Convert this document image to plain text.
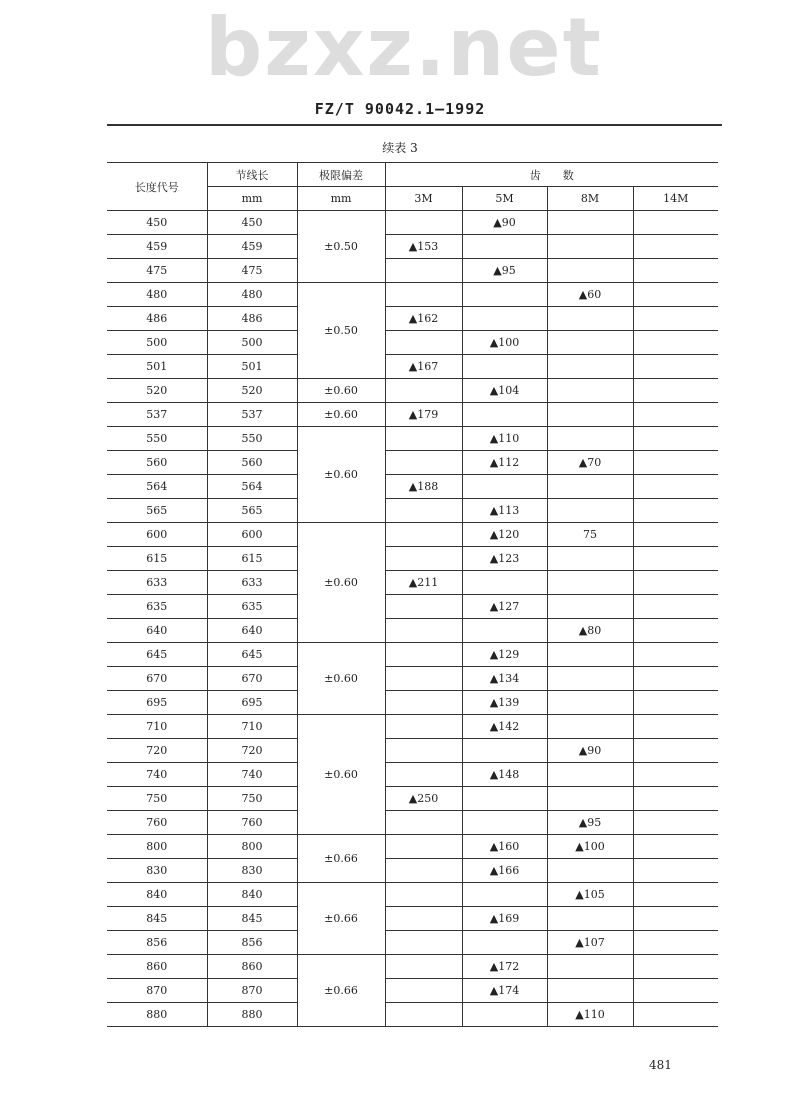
bzxz.net
FZ/T 90042.1—1992
续表 3
长度代号	节线长	极限偏差	齿　　数			
	mm	mm	3M	5M	8M	14M
450	450	±0.50		▲90		
459	459		▲153			
475	475			▲95		
480	480	±0.50			▲60	
486	486		▲162			
500	500			▲100		
501	501		▲167			
520	520	±0.60		▲104		
537	537	±0.60	▲179			
550	550	±0.60		▲110		
560	560			▲112	▲70	
564	564		▲188			
565	565			▲113		
600	600	±0.60		▲120	75	
615	615			▲123		
633	633		▲211			
635	635			▲127		
640	640				▲80	
645	645	±0.60		▲129		
670	670			▲134		
695	695			▲139		
710	710	±0.60		▲142		
720	720				▲90	
740	740			▲148		
750	750		▲250			
760	760				▲95	
800	800	±0.66		▲160	▲100	
830	830			▲166		
840	840	±0.66			▲105	
845	845			▲169		
856	856				▲107	
860	860	±0.66		▲172		
870	870			▲174		
880	880				▲110	
481
